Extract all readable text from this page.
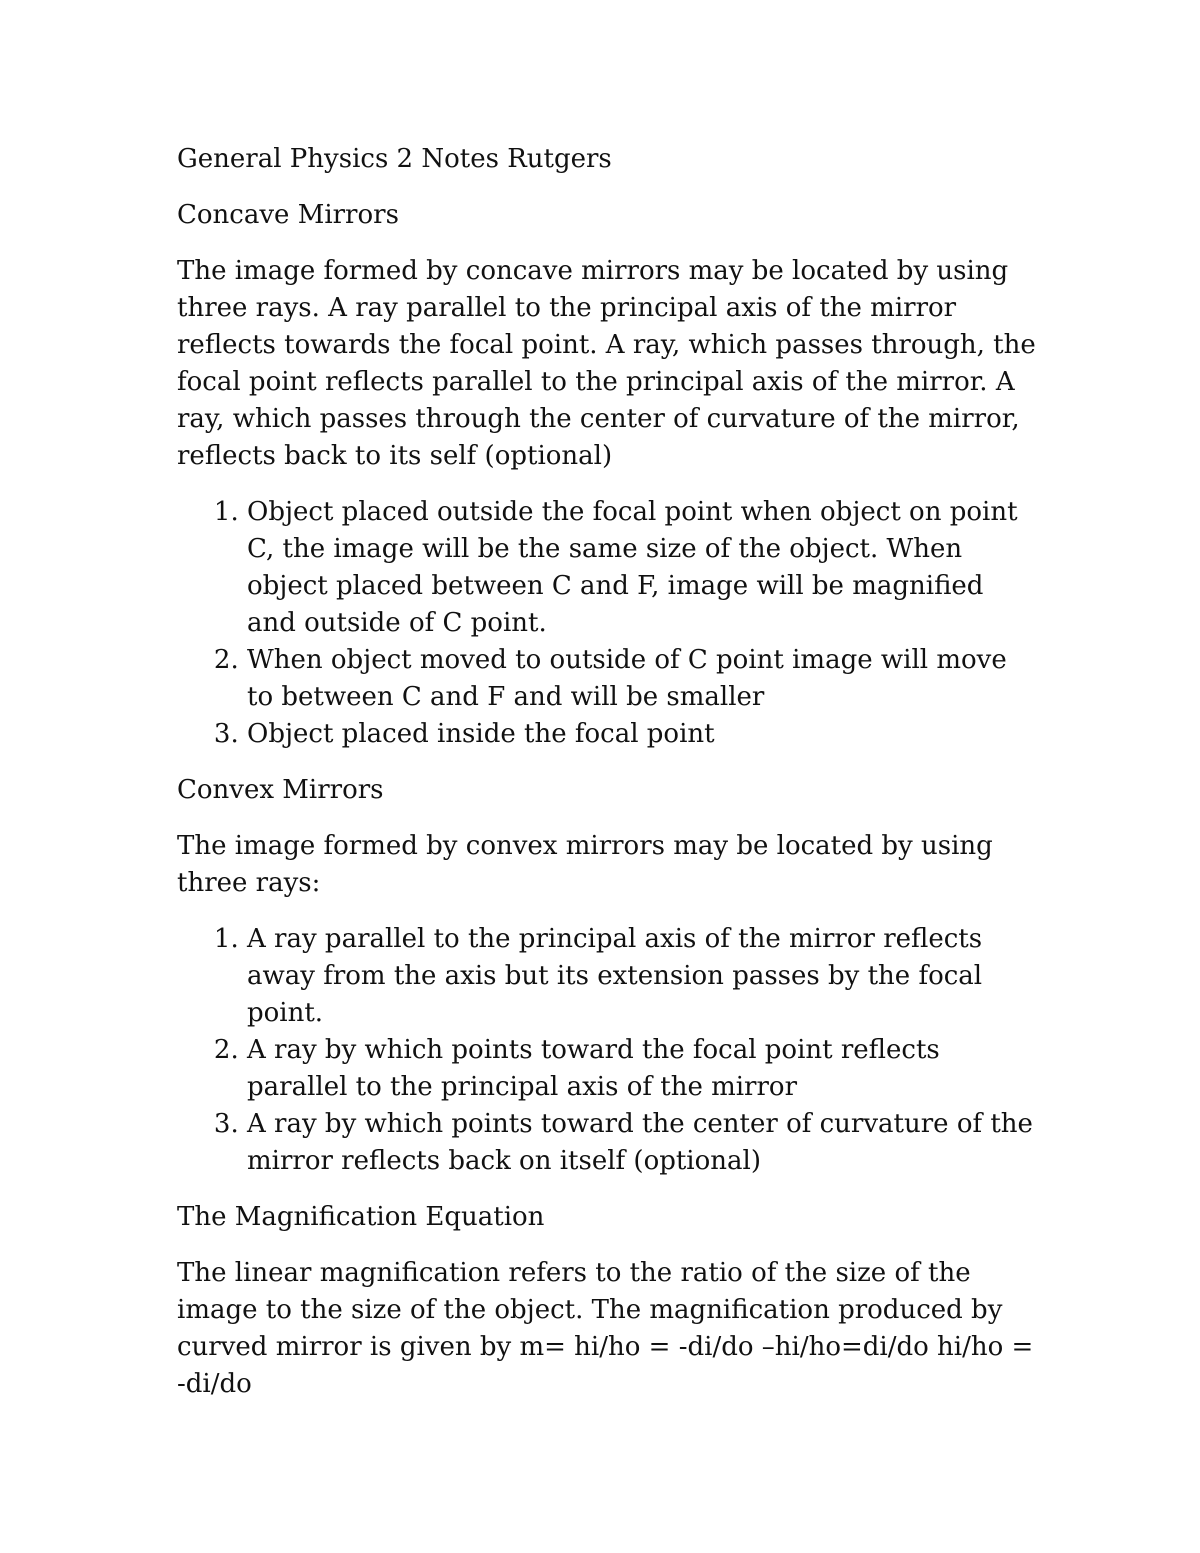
General Physics 2 Notes Rutgers

Concave Mirrors

The image formed by concave mirrors may be located by using three rays. A ray parallel to the principal axis of the mirror reflects towards the focal point. A ray, which passes through, the focal point reflects parallel to the principal axis of the mirror. A ray, which passes through the center of curvature of the mirror, reflects back to its self (optional)

1. Object placed outside the focal point when object on point C, the image will be the same size of the object. When object placed between C and F, image will be magnified and outside of C point.
2. When object moved to outside of C point image will move to between C and F and will be smaller
3. Object placed inside the focal point

Convex Mirrors

The image formed by convex mirrors may be located by using three rays:

1. A ray parallel to the principal axis of the mirror reflects away from the axis but its extension passes by the focal point.
2. A ray by which points toward the focal point reflects parallel to the principal axis of the mirror
3. A ray by which points toward the center of curvature of the mirror reflects back on itself (optional)

The Magnification Equation

The linear magnification refers to the ratio of the size of the image to the size of the object. The magnification produced by curved mirror is given by m= hi/ho = -di/do –hi/ho=di/do hi/ho = -di/do
